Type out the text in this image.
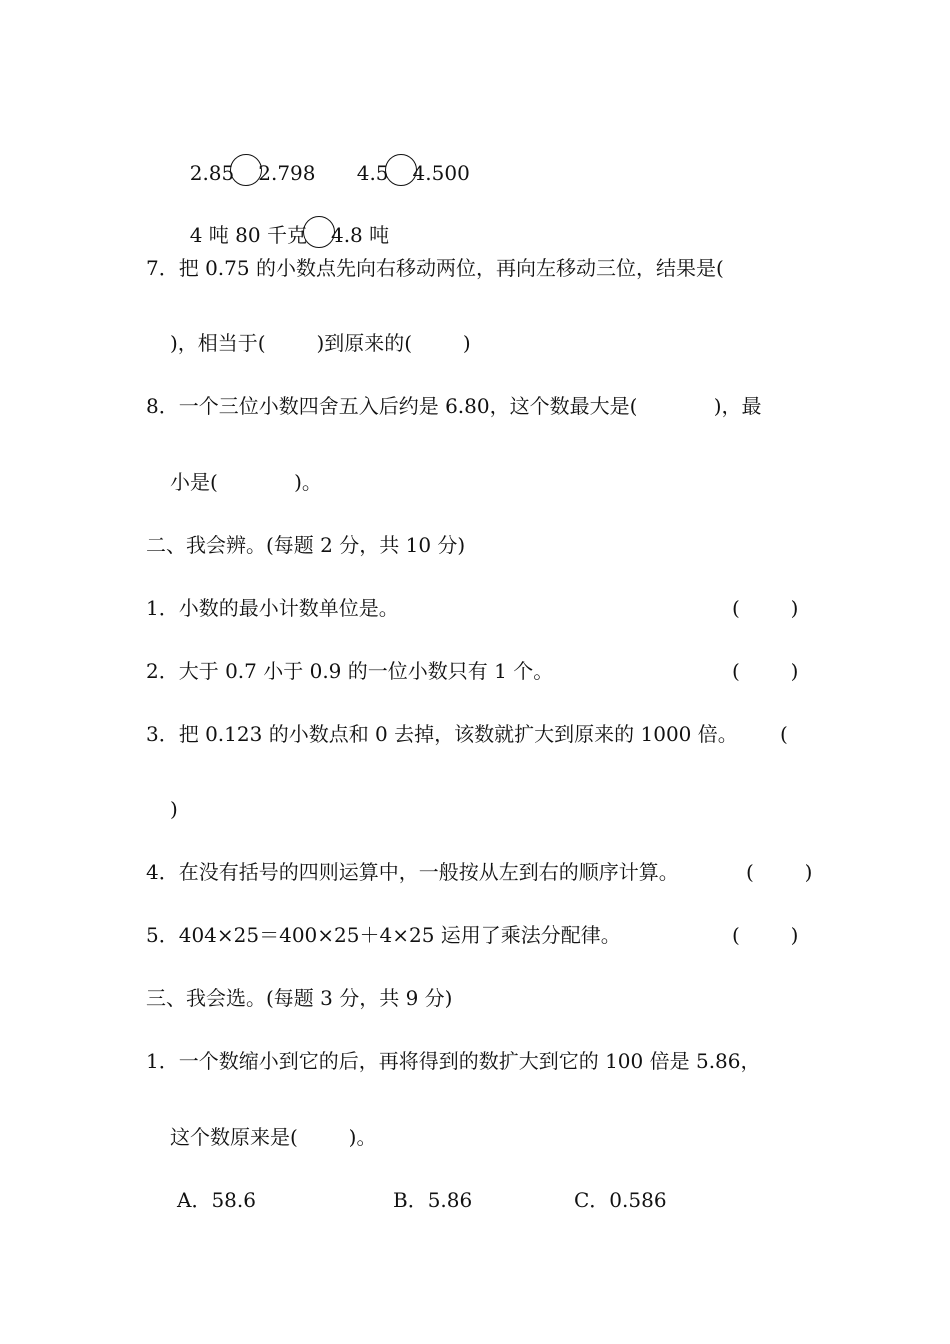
2.85 2.798	4.5 4.500

4 吨 80 千克 4.8 吨

7．把 0.75 的小数点先向右移动两位，再向左移动三位，结果是(
)，相当于(        )到原来的(        )
8．一个三位小数四舍五入后约是 6.80，这个数最大是(            )，最
小是(            )。
二、我会辨。(每题 2 分，共 10 分)
1．小数的最小计数单位是。	(        )
2．大于 0.7 小于 0.9 的一位小数只有 1 个。	(        )
3．把 0.123 的小数点和 0 去掉，该数就扩大到原来的 1000 倍。 (
)
4．在没有括号的四则运算中，一般按从左到右的顺序计算。	(        )
5．404×25＝400×25＋4×25 运用了乘法分配律。	(        )
三、我会选。(每题 3 分，共 9 分)
1．一个数缩小到它的后，再将得到的数扩大到它的 100 倍是 5.86，
这个数原来是(        )。
A．58.6	B．5.86	C．0.586
